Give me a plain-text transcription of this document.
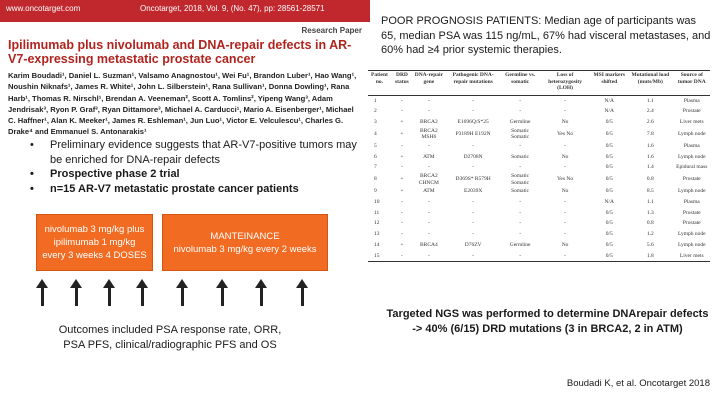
www.oncotarget.com	Oncotarget, 2018, Vol. 9, (No. 47), pp: 28561-28571
Research Paper
Ipilimumab plus nivolumab and DNA-repair defects in AR-V7-expressing metastatic prostate cancer
Karim Boudadi¹, Daniel L. Suzman¹, Valsamo Anagnostou¹, Wei Fu¹, Brandon Luber¹, Hao Wang¹, Noushin Niknafs¹, James R. White¹, John L. Silberstein¹, Rana Sullivan¹, Donna Dowling¹, Rana Harb¹, Thomas R. Nirschl¹, Brendan A. Veeneman², Scott A. Tomlins², Yipeng Wang³, Adam Jendrisak³, Ryon P. Graf³, Ryan Dittamore³, Michael A. Carducci¹, Mario A. Eisenberger¹, Michael C. Haffner¹, Alan K. Meeker¹, James R. Eshleman¹, Jun Luo¹, Victor E. Velculescu¹, Charles G. Drake⁴ and Emmanuel S. Antonarakis¹
• Preliminary evidence suggests that AR-V7-positive tumors may be enriched for DNA-repair defects
• Prospective phase 2 trial
• n=15 AR-V7 metastatic prostate cancer patients
nivolumab 3 mg/kg plus ipilimumab 1 mg/kg every 3 weeks 4 DOSES
MANTEINANCE
nivolumab 3 mg/kg every 2 weeks
Outcomes included PSA response rate, ORR, PSA PFS, clinical/radiographic PFS and OS
POOR PROGNOSIS PATIENTS: Median age of participants was 65, median PSA was 115 ng/mL, 67% had visceral metastases, and 60% had ≥4 prior systemic therapies.
Patient no.	DRD status	DNA-repair gene	Pathogenic DNA-repair mutations	Germline vs. somatic	Loss of heterozygosity (LOH)	MSI markers shifted	Mutational load (muts/Mb)	Source of tumor DNA
1	-	-	-	-	-	N/A	1.1	Plasma
2	-	-	-	-	-	N/A	2.4	Prostate
3	+	BRCA2	E1696Q/S*25	Germline	No	0/5	2.6	Liver mets
4	+	BRCA2 MSH6	P3189H E192N	Somatic Somatic	Yes No	0/5	7.8	Lymph node
5	-	-	-	-	-	0/5	1.6	Plasma
6	+	ATM	D2708N	Somatic	No	0/5	1.6	Lymph node
7	-	-	-	-	-	0/5	1.4	Epidural mass
8	+	BRCA2 CHNCM	D369S* R579H	Somatic Somatic	Yes No	0/5	0.8	Prostate
9	+	ATM	E2039X	Somatic	No	0/5	8.5	Lymph node
10	-	-	-	-	-	N/A	1.1	Plasma
11	-	-	-	-	-	0/5	1.3	Prostate
12	-	-	-	-	-	0/5	0.8	Prostate
13	-	-	-	-	-	0/5	1.2	Lymph node
14	+	BRCA4	D76ZV	Germline	No	0/5	5.6	Lymph node
15	-	-	-	-	-	0/5	1.8	Liver mets
Targeted NGS was performed to determine DNArepair defects -> 40% (6/15) DRD mutations (3 in BRCA2, 2 in ATM)
Boudadi K, et al. Oncotarget 2018
